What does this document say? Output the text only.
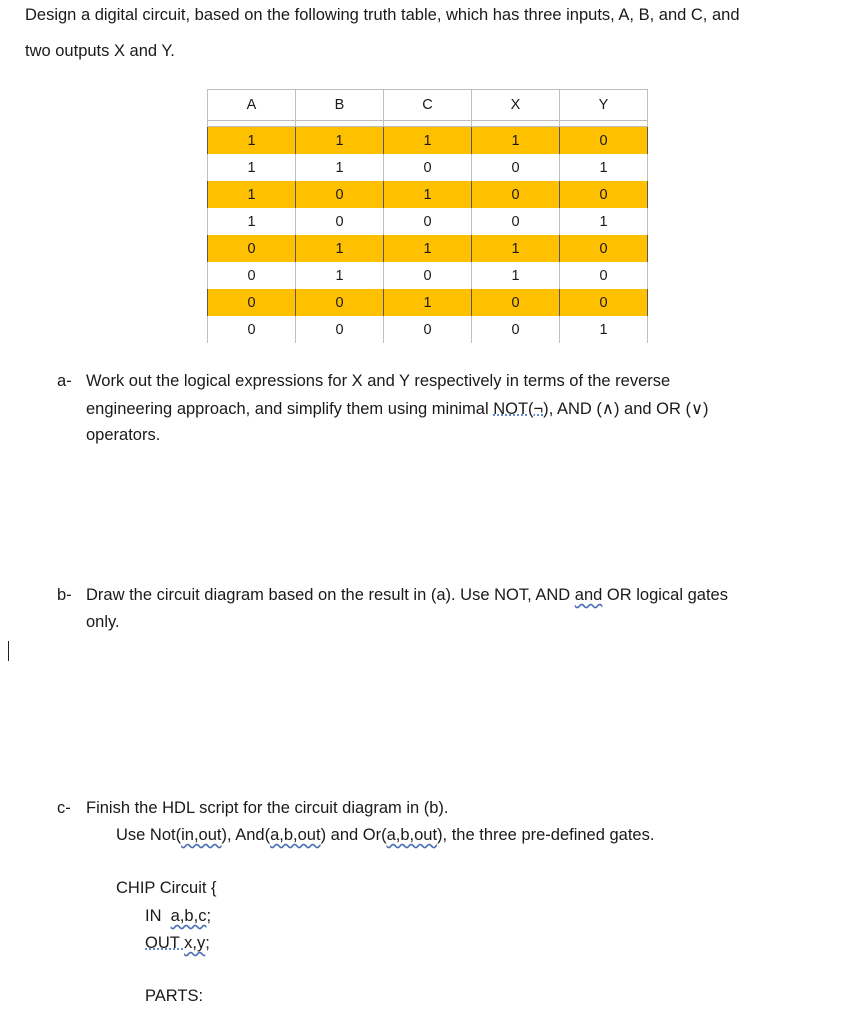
Design a digital circuit, based on the following truth table, which has three inputs, A, B, and C, and
two outputs X and Y.
A	B	C	X	Y

1	1	1	1	0
1	1	0	0	1
1	0	1	0	0
1	0	0	0	1
0	1	1	1	0
0	1	0	1	0
0	0	1	0	0
0	0	0	0	1
a- Work out the logical expressions for X and Y respectively in terms of the reverse
engineering approach, and simplify them using minimal NOT(¬), AND (∧) and OR (∨)
operators.
b- Draw the circuit diagram based on the result in (a). Use NOT, AND and OR logical gates
only.
c- Finish the HDL script for the circuit diagram in (b).
Use Not(in,out), And(a,b,out) and Or(a,b,out), the three pre-defined gates.
CHIP Circuit {
IN  a,b,c;
OUT x,y;
PARTS:
